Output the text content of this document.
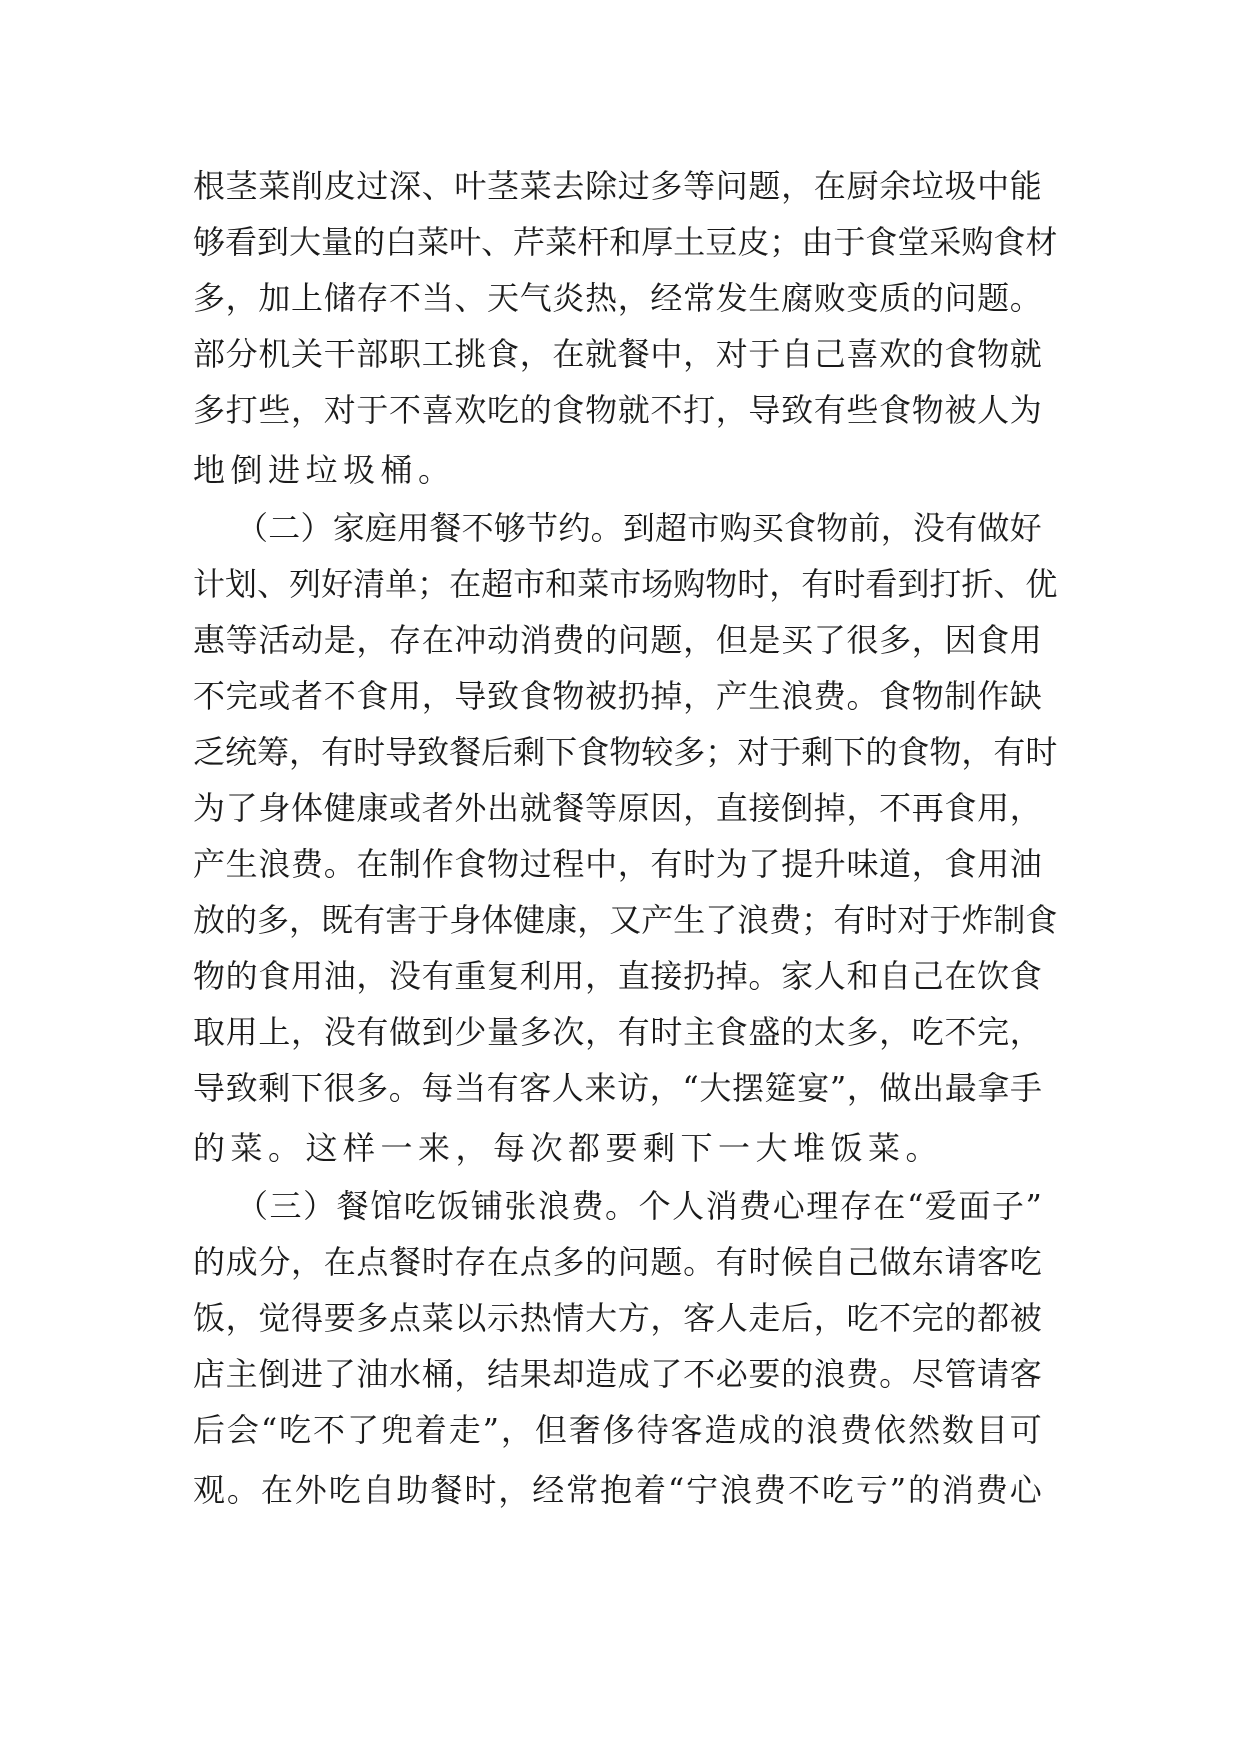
根 茎 菜 削 皮 过 深 、 叶 茎 菜 去 除 过 多 等 问 题 ， 在 厨 余 垃 圾 中 能
够 看 到 大 量 的 白 菜 叶 、 芹 菜 杆 和 厚 土 豆 皮 ； 由 于 食 堂 采 购 食 材
多 ， 加 上 储 存 不 当 、 天 气 炎 热 ， 经 常 发 生 腐 败 变 质 的 问 题 。
部 分 机 关 干 部 职 工 挑 食 ， 在 就 餐 中 ， 对 于 自 己 喜 欢 的 食 物 就
多 打 些 ， 对 于 不 喜 欢 吃 的 食 物 就 不 打 ， 导 致 有 些 食 物 被 人 为
地倒进垃圾桶。
（ 二 ） 家 庭 用 餐 不 够 节 约 。 到 超 市 购 买 食 物 前 ， 没 有 做 好
计 划 、 列 好 清 单 ； 在 超 市 和 菜 市 场 购 物 时 ， 有 时 看 到 打 折 、 优
惠 等 活 动 是 ， 存 在 冲 动 消 费 的 问 题 ， 但 是 买 了 很 多 ， 因 食 用
不 完 或 者 不 食 用 ， 导 致 食 物 被 扔 掉 ， 产 生 浪 费 。 食 物 制 作 缺
乏 统 筹 ， 有 时 导 致 餐 后 剩 下 食 物 较 多 ； 对 于 剩 下 的 食 物 ， 有 时
为 了 身 体 健 康 或 者 外 出 就 餐 等 原 因 ， 直 接 倒 掉 ， 不 再 食 用 ，
产 生 浪 费 。 在 制 作 食 物 过 程 中 ， 有 时 为 了 提 升 味 道 ， 食 用 油
放 的 多 ， 既 有 害 于 身 体 健 康 ， 又 产 生 了 浪 费 ； 有 时 对 于 炸 制 食
物 的 食 用 油 ， 没 有 重 复 利 用 ， 直 接 扔 掉 。 家 人 和 自 己 在 饮 食
取 用 上 ， 没 有 做 到 少 量 多 次 ， 有 时 主 食 盛 的 太 多 ， 吃 不 完 ，
导 致 剩 下 很 多 。 每 当 有 客 人 来 访 ， “ 大 摆 筵 宴 ” ， 做 出 最 拿 手
的菜。这样一来，每次都要剩下一大堆饭菜。
（ 三 ） 餐 馆 吃 饭 铺 张 浪 费 。 个 人 消 费 心 理 存 在 “ 爱 面 子 ”
的 成 分 ， 在 点 餐 时 存 在 点 多 的 问 题 。 有 时 候 自 己 做 东 请 客 吃
饭 ， 觉 得 要 多 点 菜 以 示 热 情 大 方 ， 客 人 走 后 ， 吃 不 完 的 都 被
店 主 倒 进 了 油 水 桶 ， 结 果 却 造 成 了 不 必 要 的 浪 费 。 尽 管 请 客
后 会 “ 吃 不 了 兜 着 走 ” ， 但 奢 侈 待 客 造 成 的 浪 费 依 然 数 目 可
观 。 在 外 吃 自 助 餐 时 ， 经 常 抱 着 “ 宁 浪 费 不 吃 亏 ” 的 消 费 心
